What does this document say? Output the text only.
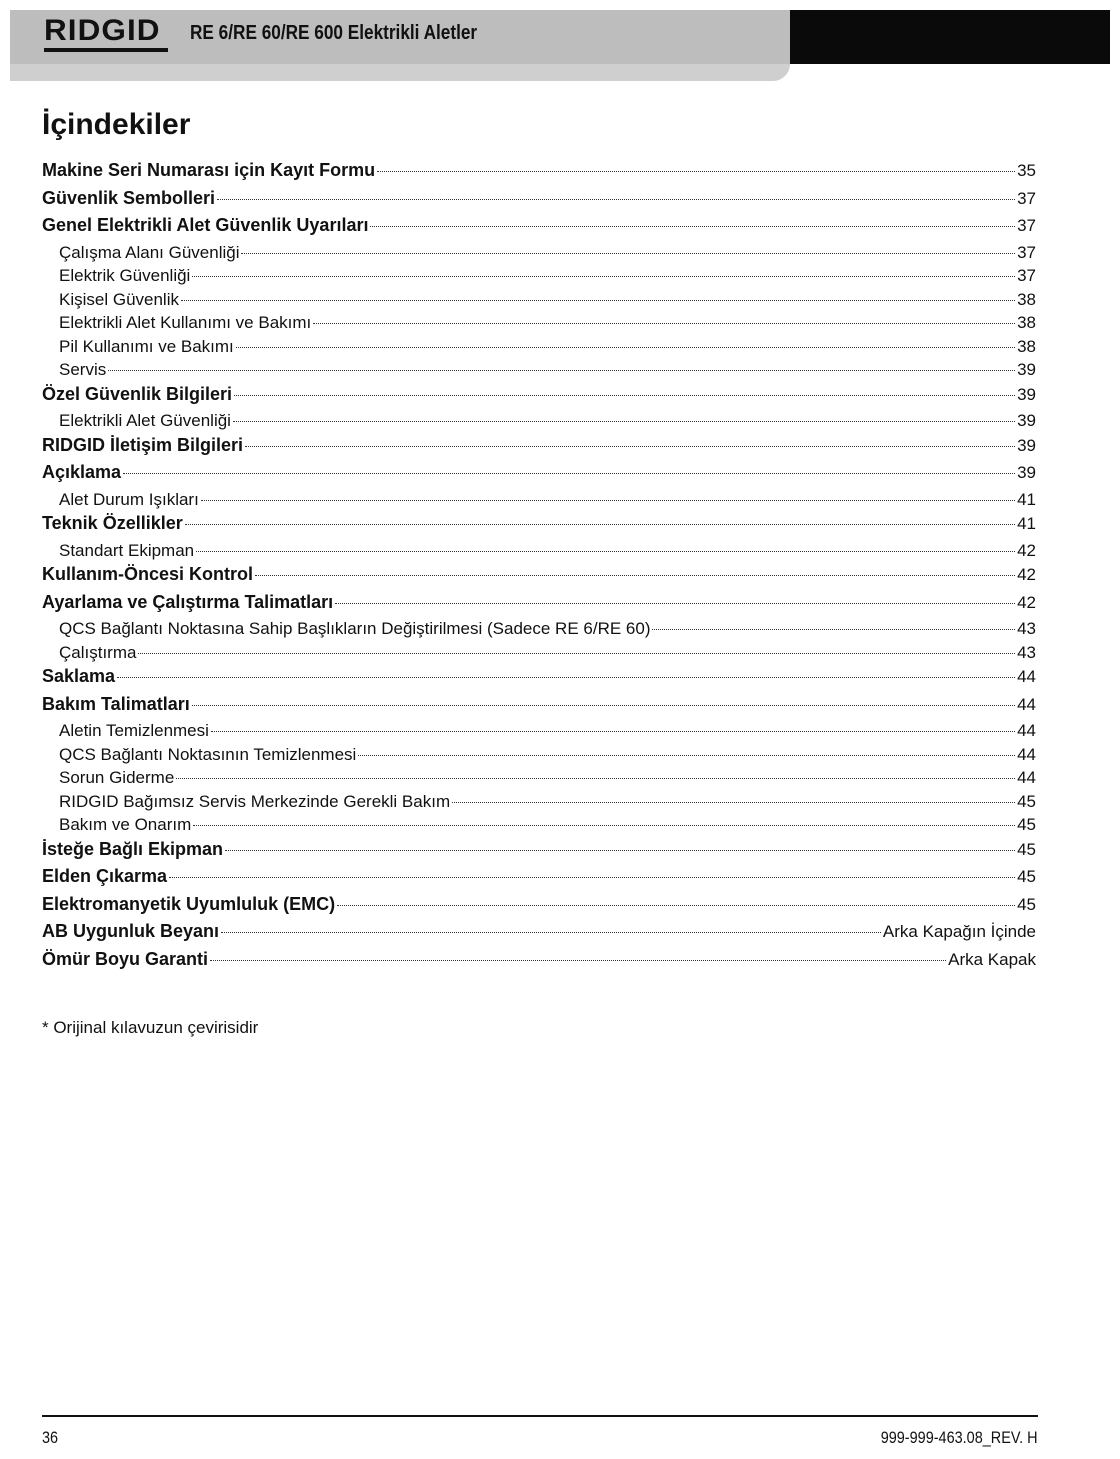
RIDGID	RE 6/RE 60/RE 600 Elektrikli Aletler
İçindekiler
Makine Seri Numarası için Kayıt Formu	35
Güvenlik Sembolleri	37
Genel Elektrikli Alet Güvenlik Uyarıları	37
Çalışma Alanı Güvenliği	37
Elektrik Güvenliği	37
Kişisel Güvenlik	38
Elektrikli Alet Kullanımı ve Bakımı	38
Pil Kullanımı ve Bakımı	38
Servis	39
Özel Güvenlik Bilgileri	39
Elektrikli Alet Güvenliği	39
RIDGID İletişim Bilgileri	39
Açıklama	39
Alet Durum Işıkları	41
Teknik Özellikler	41
Standart Ekipman	42
Kullanım-Öncesi Kontrol	42
Ayarlama ve Çalıştırma Talimatları	42
QCS Bağlantı Noktasına Sahip Başlıkların Değiştirilmesi (Sadece RE 6/RE 60)	43
Çalıştırma	43
Saklama	44
Bakım Talimatları	44
Aletin Temizlenmesi	44
QCS Bağlantı Noktasının Temizlenmesi	44
Sorun Giderme	44
RIDGID Bağımsız Servis Merkezinde Gerekli Bakım	45
Bakım ve Onarım	45
İsteğe Bağlı Ekipman	45
Elden Çıkarma	45
Elektromanyetik Uyumluluk (EMC)	45
AB Uygunluk Beyanı	Arka Kapağın İçinde
Ömür Boyu Garanti	Arka Kapak
* Orijinal kılavuzun çevirisidir
36	999-999-463.08_REV. H
